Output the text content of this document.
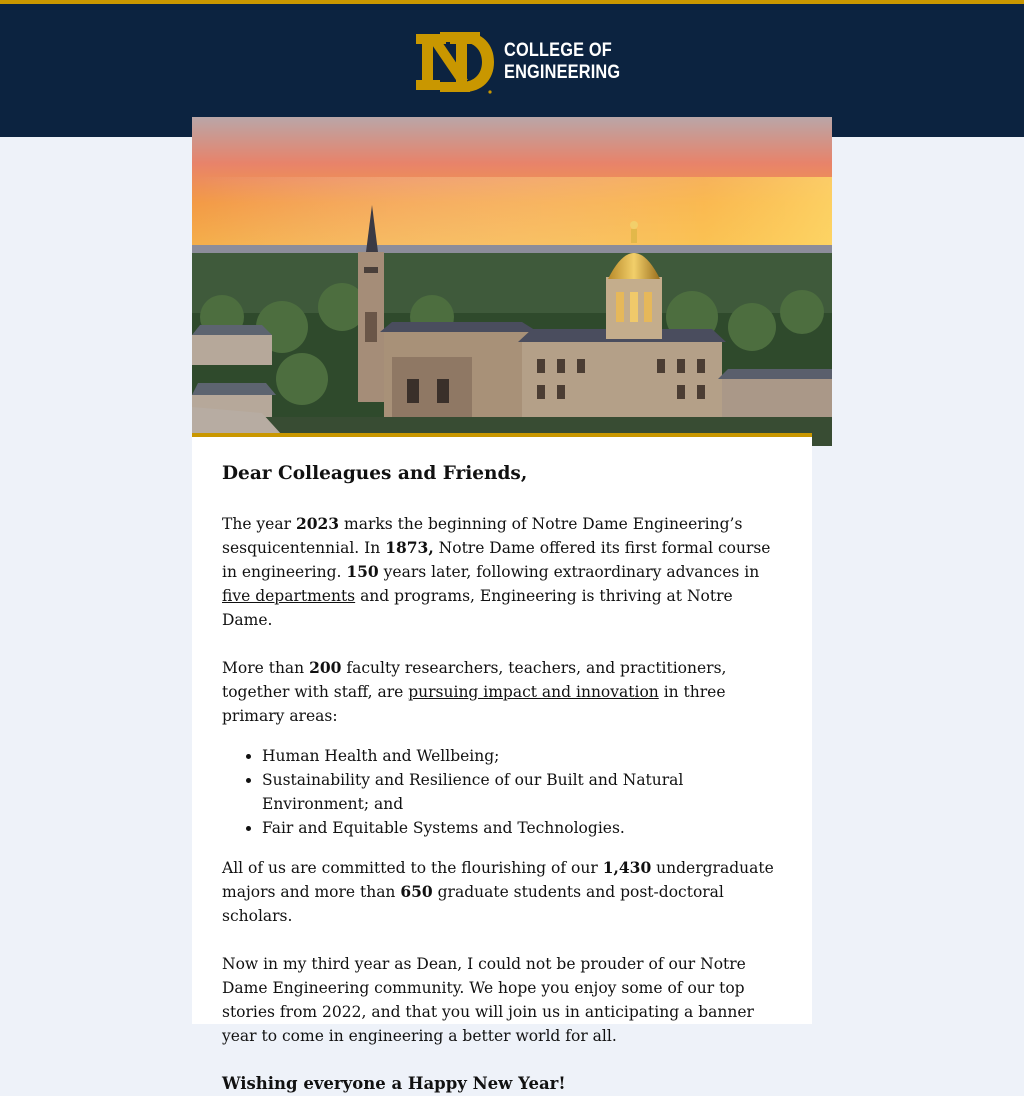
COLLEGE OF
ENGINEERING
Dear Colleagues and Friends,

The year 2023 marks the beginning of Notre Dame Engineering’s sesquicentennial. In 1873, Notre Dame offered its first formal course in engineering. 150 years later, following extraordinary advances in five departments and programs, Engineering is thriving at Notre Dame.

More than 200 faculty researchers, teachers, and practitioners, together with staff, are pursuing impact and innovation in three primary areas:

• Human Health and Wellbeing;
• Sustainability and Resilience of our Built and Natural Environment; and
• Fair and Equitable Systems and Technologies.

All of us are committed to the flourishing of our 1,430 undergraduate majors and more than 650 graduate students and post-doctoral scholars.

Now in my third year as Dean, I could not be prouder of our Notre Dame Engineering community. We hope you enjoy some of our top stories from 2022, and that you will join us in anticipating a banner year to come in engineering a better world for all.

Wishing everyone a Happy New Year!
